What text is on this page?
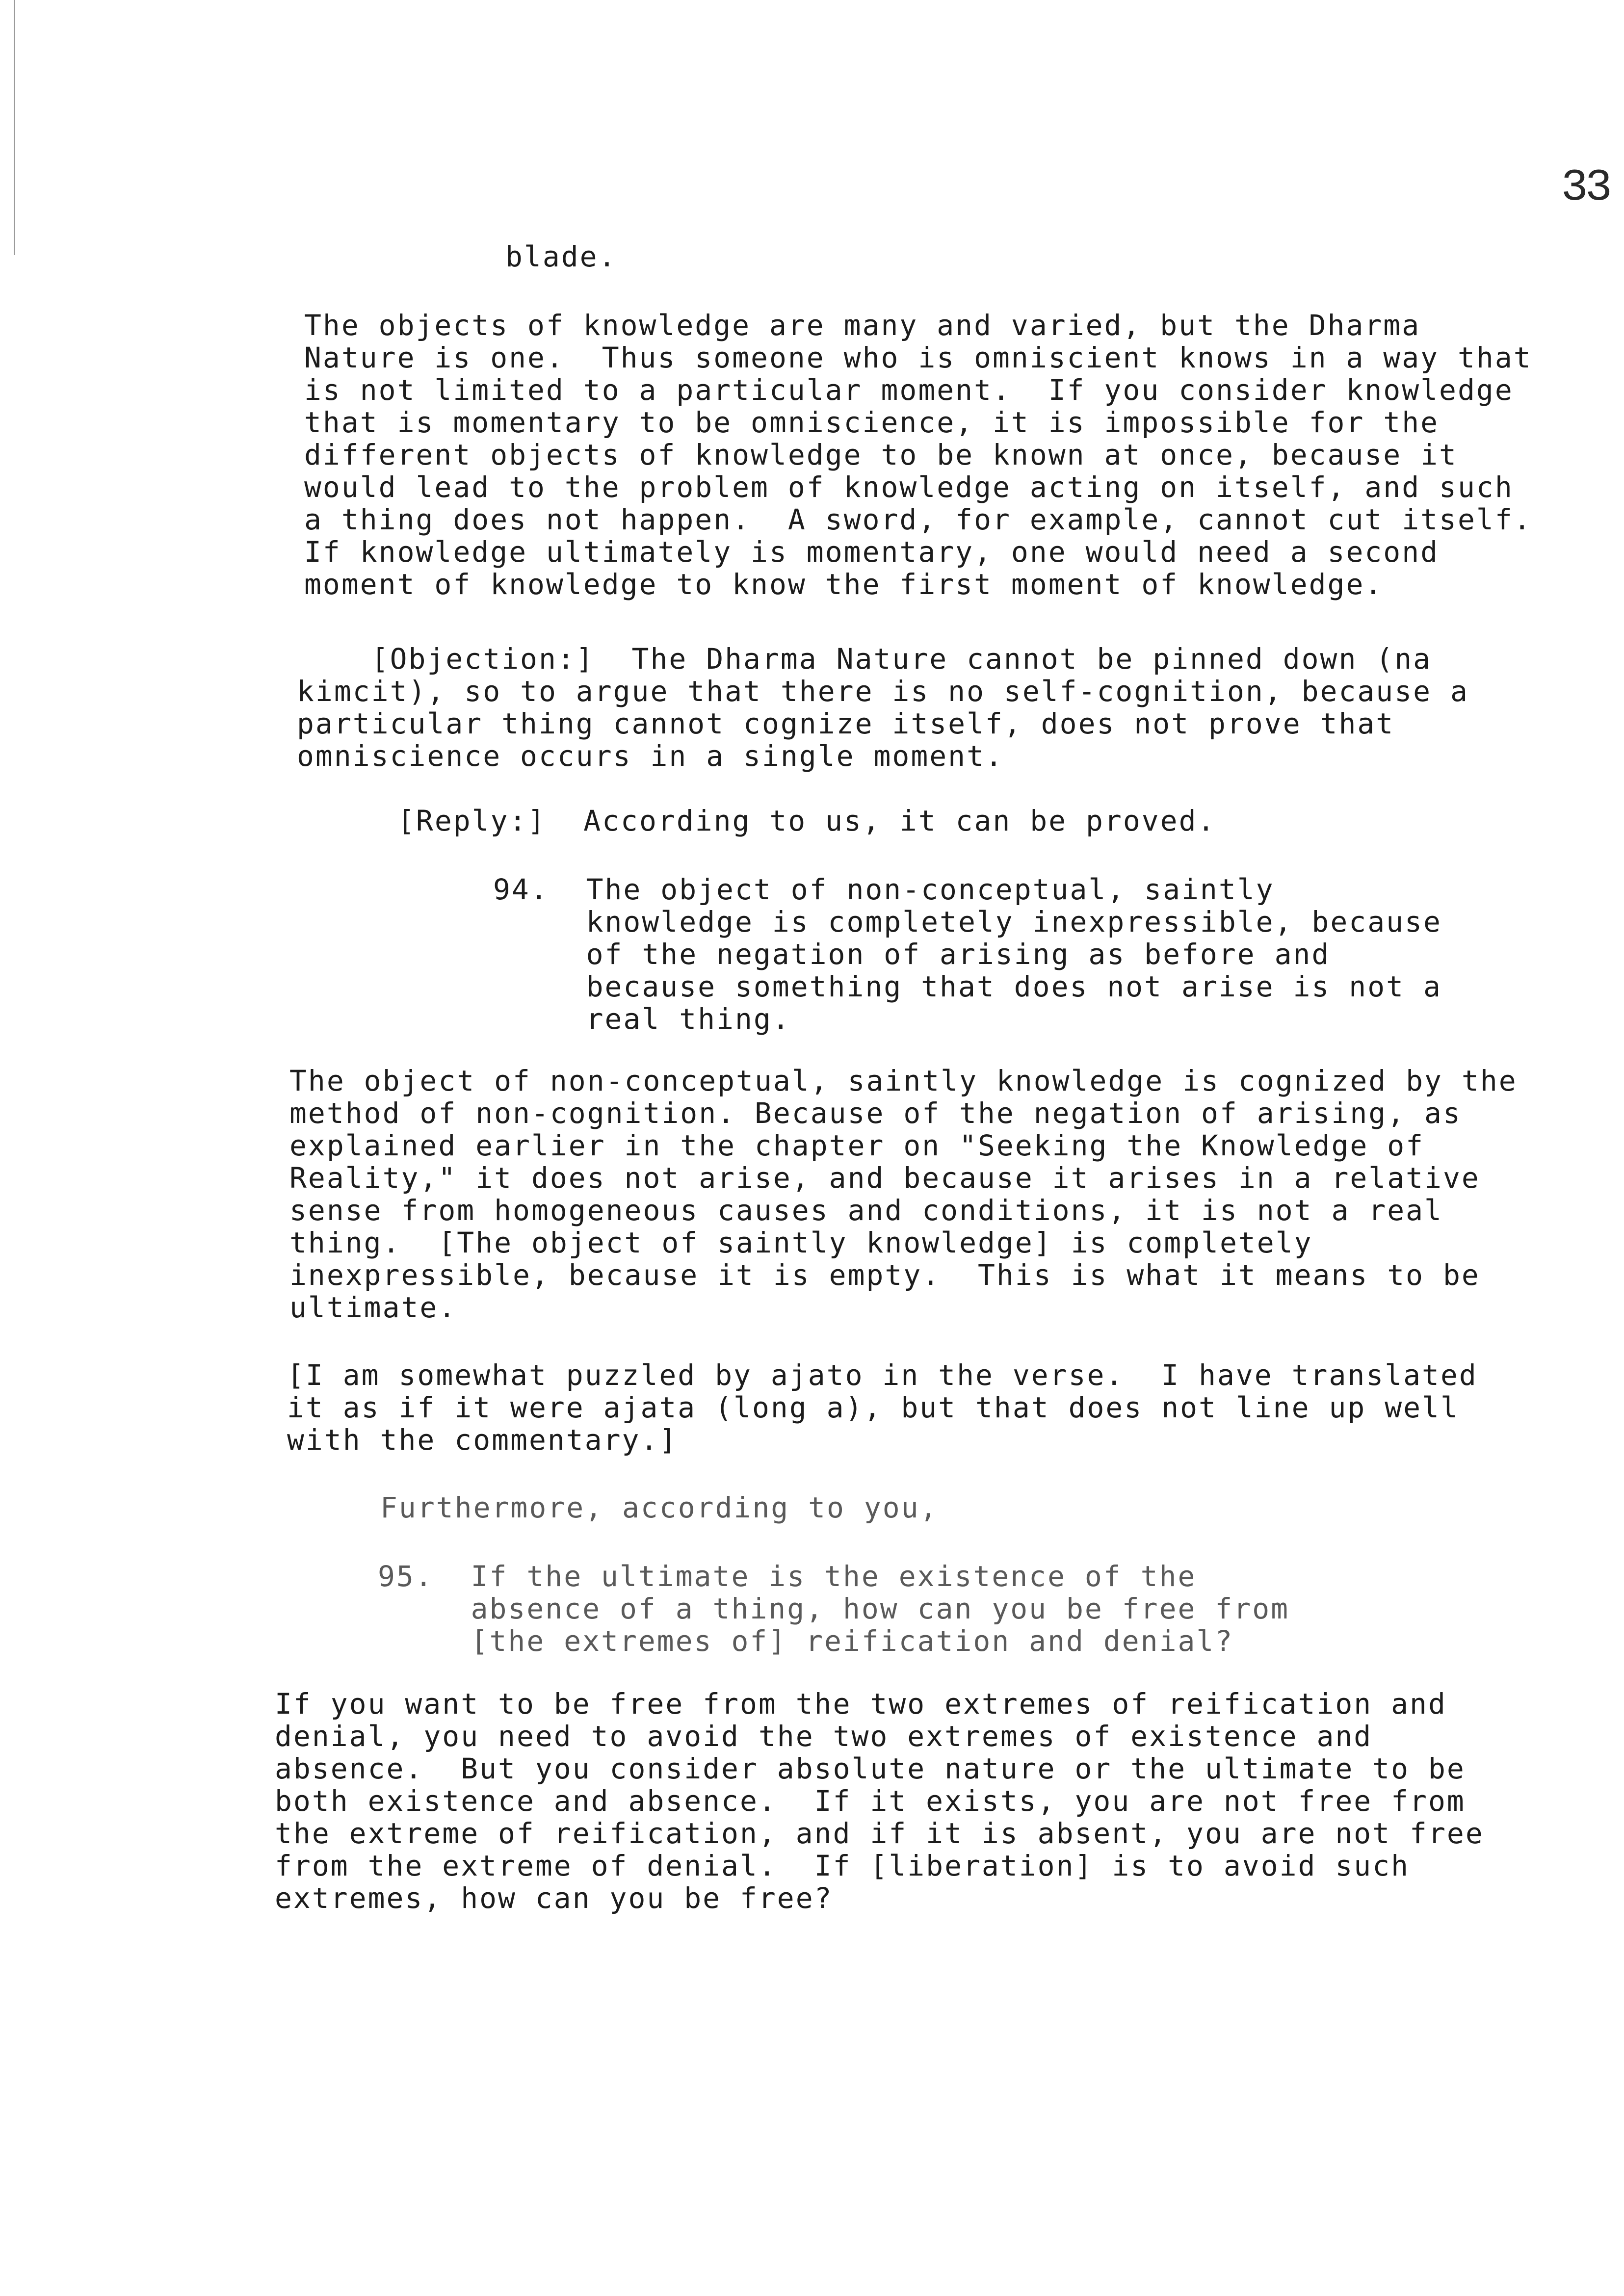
33
blade.
The objects of knowledge are many and varied, but the Dharma
Nature is one.  Thus someone who is omniscient knows in a way that
is not limited to a particular moment.  If you consider knowledge
that is momentary to be omniscience, it is impossible for the
different objects of knowledge to be known at once, because it
would lead to the problem of knowledge acting on itself, and such
a thing does not happen.  A sword, for example, cannot cut itself.
If knowledge ultimately is momentary, one would need a second
moment of knowledge to know the first moment of knowledge.
[Objection:]  The Dharma Nature cannot be pinned down (na
kimcit), so to argue that there is no self-cognition, because a
particular thing cannot cognize itself, does not prove that
omniscience occurs in a single moment.
[Reply:]  According to us, it can be proved.
94.  The object of non-conceptual, saintly
knowledge is completely inexpressible, because
of the negation of arising as before and
because something that does not arise is not a
real thing.
The object of non-conceptual, saintly knowledge is cognized by the
method of non-cognition. Because of the negation of arising, as
explained earlier in the chapter on "Seeking the Knowledge of
Reality," it does not arise, and because it arises in a relative
sense from homogeneous causes and conditions, it is not a real
thing.  [The object of saintly knowledge] is completely
inexpressible, because it is empty.  This is what it means to be
ultimate.
[I am somewhat puzzled by ajato in the verse.  I have translated
it as if it were ajata (long a), but that does not line up well
with the commentary.]
Furthermore, according to you,
95.  If the ultimate is the existence of the
absence of a thing, how can you be free from
[the extremes of] reification and denial?
If you want to be free from the two extremes of reification and
denial, you need to avoid the two extremes of existence and
absence.  But you consider absolute nature or the ultimate to be
both existence and absence.  If it exists, you are not free from
the extreme of reification, and if it is absent, you are not free
from the extreme of denial.  If [liberation] is to avoid such
extremes, how can you be free?
